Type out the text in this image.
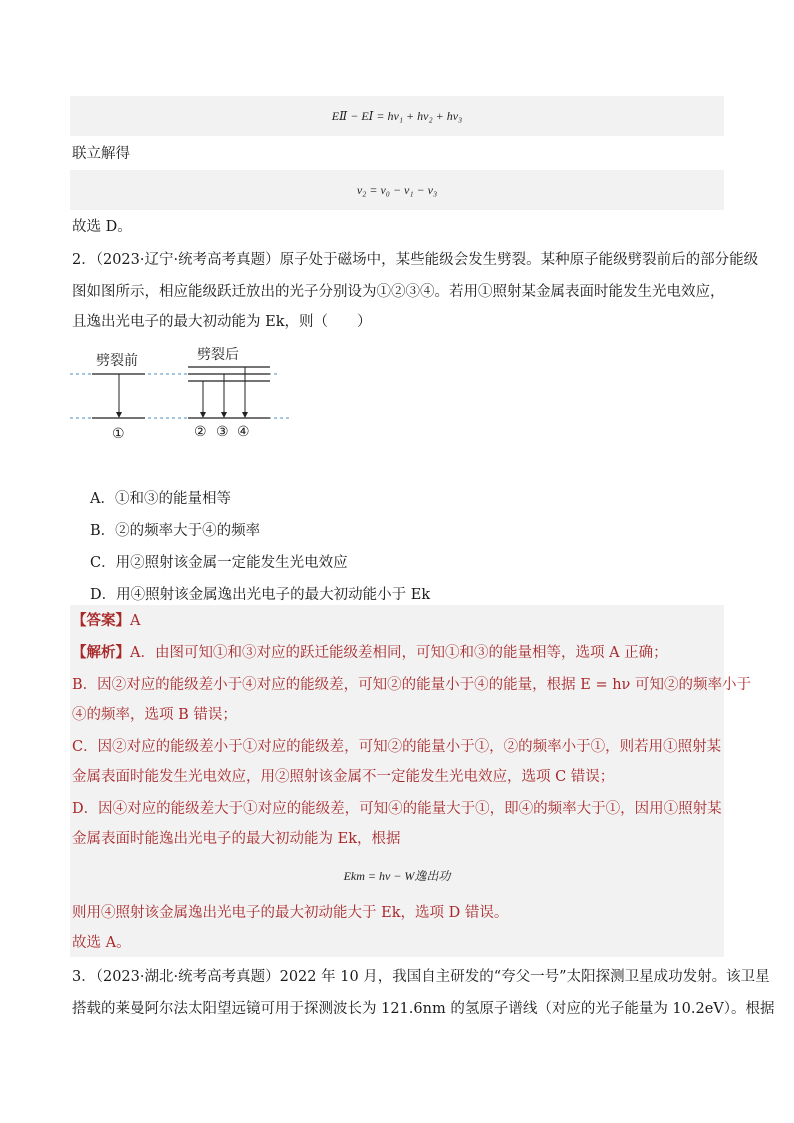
EⅡ − EⅠ = hν₁ + hν₂ + hν₃
联立解得
ν₂ = ν₀ − ν₁ − ν₃
故选 D。
2．（2023·辽宁·统考高考真题）原子处于磁场中，某些能级会发生劈裂。某种原子能级劈裂前后的部分能级
图如图所示，相应能级跃迁放出的光子分别设为①②③④。若用①照射某金属表面时能发生光电效应，
且逸出光电子的最大初动能为 Ek，则（　　）
劈裂前	劈裂后
①	② ③ ④
A．①和③的能量相等
B．②的频率大于④的频率
C．用②照射该金属一定能发生光电效应
D．用④照射该金属逸出光电子的最大初动能小于 Ek
【答案】A
【解析】A．由图可知①和③对应的跃迁能级差相同，可知①和③的能量相等，选项 A 正确；
B．因②对应的能级差小于④对应的能级差，可知②的能量小于④的能量，根据 E = hν 可知②的频率小于
④的频率，选项 B 错误；
C．因②对应的能级差小于①对应的能级差，可知②的能量小于①，②的频率小于①，则若用①照射某
金属表面时能发生光电效应，用②照射该金属不一定能发生光电效应，选项 C 错误；
D．因④对应的能级差大于①对应的能级差，可知④的能量大于①，即④的频率大于①，因用①照射某
金属表面时能逸出光电子的最大初动能为 Ek，根据
Ekm = hν − W逸出功
则用④照射该金属逸出光电子的最大初动能大于 Ek，选项 D 错误。
故选 A。
3．（2023·湖北·统考高考真题）2022 年 10 月，我国自主研发的“夸父一号”太阳探测卫星成功发射。该卫星
搭载的莱曼阿尔法太阳望远镜可用于探测波长为 121.6nm 的氢原子谱线（对应的光子能量为 10.2eV）。根据
